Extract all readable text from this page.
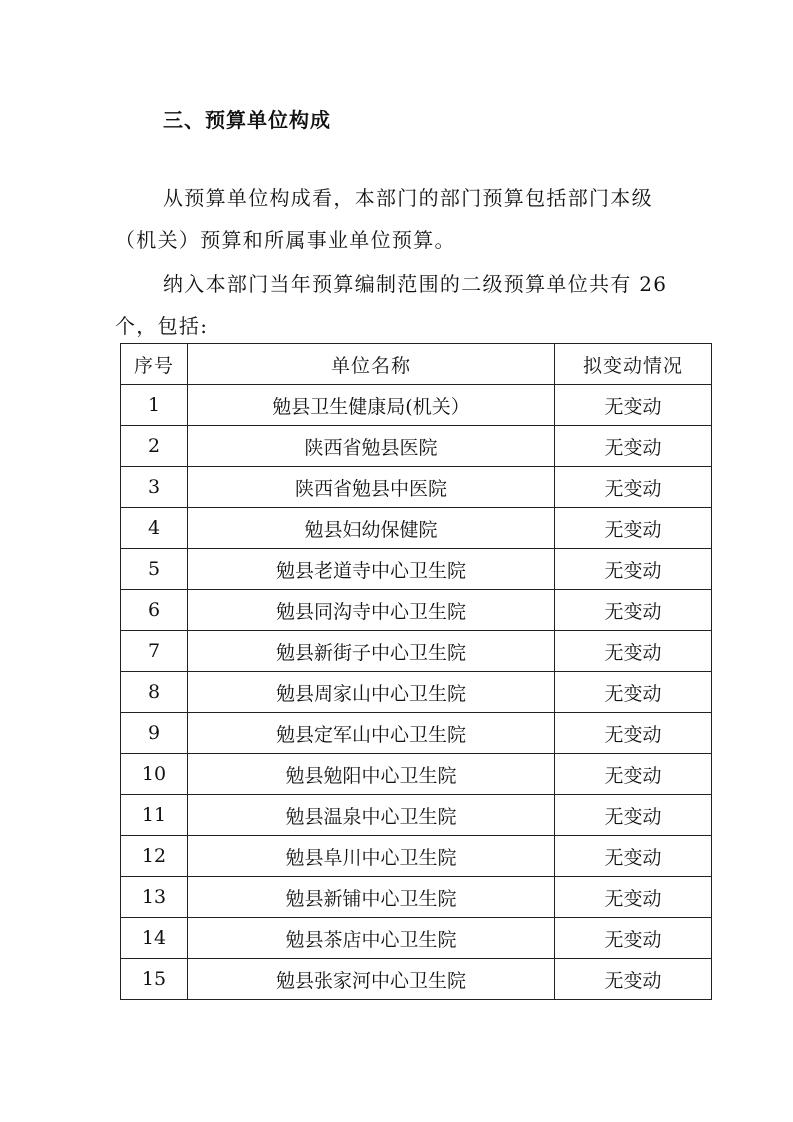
三、预算单位构成
从预算单位构成看，本部门的部门预算包括部门本级
（机关）预算和所属事业单位预算。
纳入本部门当年预算编制范围的二级预算单位共有 26
个，包括:
序号	单位名称	拟变动情况
1	勉县卫生健康局(机关）	无变动
2	陕西省勉县医院	无变动
3	陕西省勉县中医院	无变动
4	勉县妇幼保健院	无变动
5	勉县老道寺中心卫生院	无变动
6	勉县同沟寺中心卫生院	无变动
7	勉县新街子中心卫生院	无变动
8	勉县周家山中心卫生院	无变动
9	勉县定军山中心卫生院	无变动
10	勉县勉阳中心卫生院	无变动
11	勉县温泉中心卫生院	无变动
12	勉县阜川中心卫生院	无变动
13	勉县新铺中心卫生院	无变动
14	勉县茶店中心卫生院	无变动
15	勉县张家河中心卫生院	无变动
